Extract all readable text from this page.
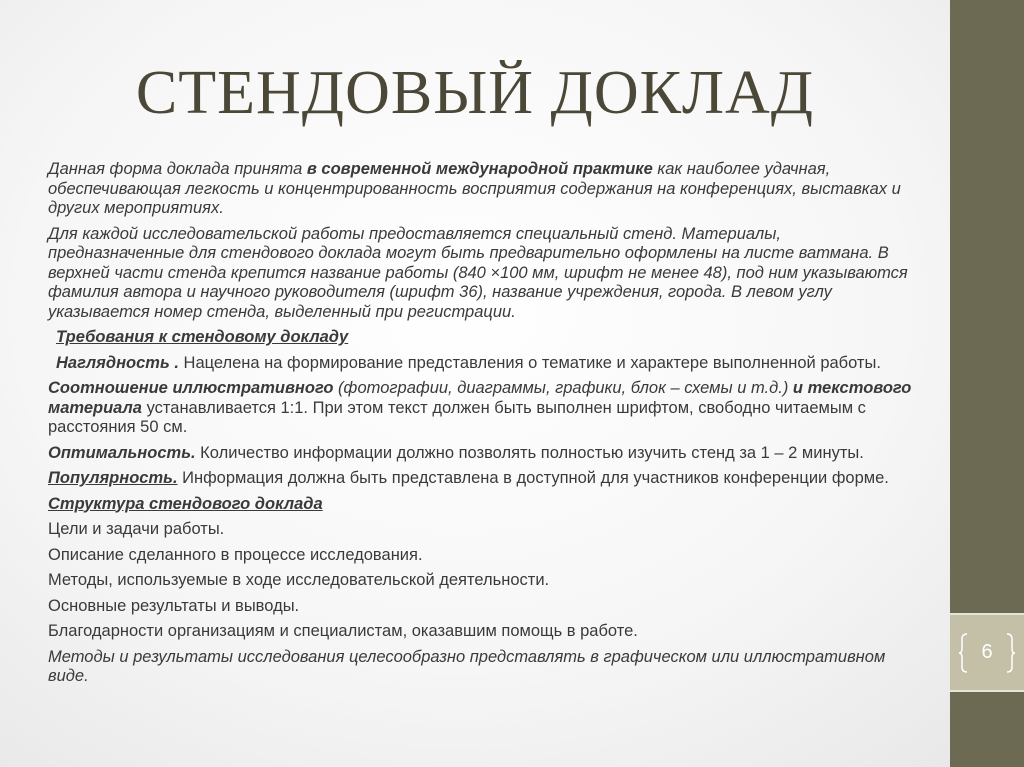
СТЕНДОВЫЙ ДОКЛАД

Данная форма доклада принята в современной международной практике как наиболее удачная, обеспечивающая легкость и концентрированность восприятия содержания на конференциях, выставках и других мероприятиях.

Для каждой исследовательской работы предоставляется специальный стенд. Материалы, предназначенные для стендового доклада могут быть предварительно оформлены на листе ватмана. В верхней части стенда крепится название работы (840 ×100 мм, шрифт не менее 48), под ним указываются фамилия автора и научного руководителя (шрифт 36), название учреждения, города. В левом углу указывается номер стенда, выделенный при регистрации.

Требования к стендовому докладу

Наглядность . Нацелена на формирование представления о тематике и характере выполненной работы.

Соотношение иллюстративного (фотографии, диаграммы, графики, блок – схемы и т.д.) и текстового материала устанавливается 1:1. При этом текст должен быть выполнен шрифтом, свободно читаемым с расстояния 50 см.

Оптимальность. Количество информации должно позволять полностью изучить стенд за 1 – 2 минуты.

Популярность. Информация должна быть представлена в доступной для участников конференции форме.

Структура стендового доклада

Цели и задачи работы.

Описание сделанного в процессе исследования.

Методы, используемые в ходе исследовательской деятельности.

Основные результаты и выводы.

Благодарности организациям и специалистам, оказавшим помощь в работе.

Методы и результаты исследования целесообразно представлять в графическом или иллюстративном виде.

6
